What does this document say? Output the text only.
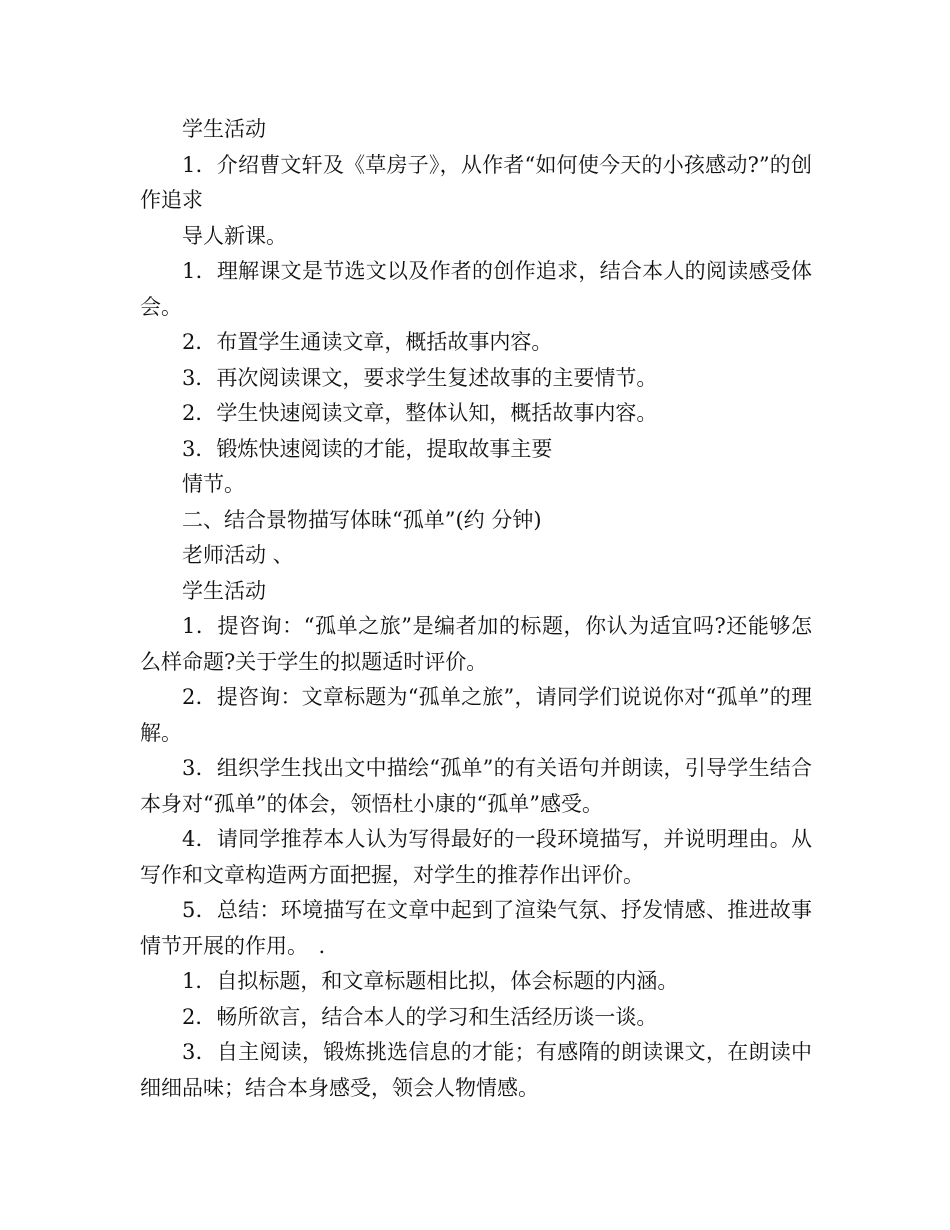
学生活动

1．介绍曹文轩及《草房子》，从作者“如何使今天的小孩感动?”的创作追求

导人新课。

1．理解课文是节选文以及作者的创作追求，结合本人的阅读感受体会。

2．布置学生通读文章，概括故事内容。

3．再次阅读课文，要求学生复述故事的主要情节。

2．学生快速阅读文章，整体认知，概括故事内容。

3．锻炼快速阅读的才能，提取故事主要

情节。

二、结合景物描写体昧“孤单”(约 分钟)

老师活动 、

学生活动

1．提咨询：“孤单之旅”是编者加的标题，你认为适宜吗?还能够怎么样命题?关于学生的拟题适时评价。

2．提咨询：文章标题为“孤单之旅”，请同学们说说你对“孤单”的理解。

3．组织学生找出文中描绘“孤单”的有关语句并朗读，引导学生结合本身对“孤单”的体会，领悟杜小康的“孤单”感受。

4．请同学推荐本人认为写得最好的一段环境描写，并说明理由。从写作和文章构造两方面把握，对学生的推荐作出评价。

5．总结：环境描写在文章中起到了渲染气氛、抒发情感、推进故事情节开展的作用。　.

1．自拟标题，和文章标题相比拟，体会标题的内涵。

2．畅所欲言，结合本人的学习和生活经历谈一谈。

3．自主阅读，锻炼挑选信息的才能；有感隋的朗读课文，在朗读中细细品味；结合本身感受，领会人物情感。
